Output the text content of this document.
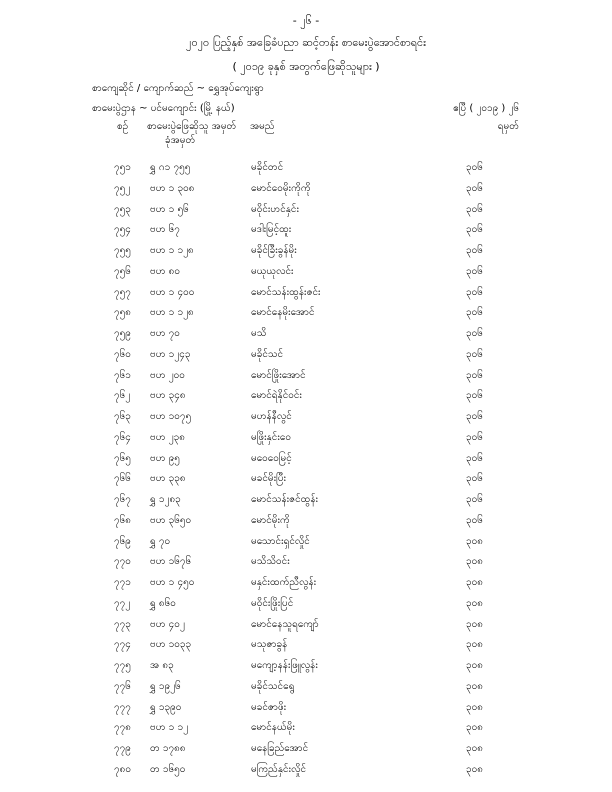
- ၂၆ -
၂၀၂၀ ပြည့်နှစ် အခြေခံပညာ ဆင့်တန်း စာမေးပွဲအောင်စာရင်း
( ၂၀၁၉ ခုနှစ် အတွက်ဖြေဆိုသူများ )
စာကျေဆိုင် / ကျောက်ဆည် ~ ရွှေအုပ်ကျေးရွာ
စာမေးပွဲဌာန ~ ပင်မကျောင်း (မြို့ နယ်)	ဧပြီ ( ၂၀၁၉ ) ၂၆
စဉ် စာမေးပွဲဖြေဆိုသူ အမှတ်
ခုံအမှတ်
အမည်	ရမှတ်
၇၅၁ ရွှ ဂ၁ ၇၅၅	မခိုင်တင်	၃၀၆
၇၅၂ ဗဟ ၁ ၃၀၈	မောင်ဝေမိုးကိုကို	၃၀၆
၇၅၃ ဗဟ ၁ ၅၆	မဝိုင်းဟင်နှင်း	၃၀၆
၇၅၄ ဗဟ ၆၇	မဒါးမြင့်ထူး	၃၀၆
၇၅၅ ဗဟ ၁ ၁၂၈	မခိုင်ခြီးခွန်မိုး	၃၀၆
၇၅၆ ဗဟ ၈၀	မယုယုလင်း	၃၀၆
၇၅၇ ဗဟ ၁ ၄၀၀	မောင်သန်းထွန်းဇင်း	၃၀၆
၇၅၈ ဗဟ ၁ ၁၂၈	မောင်နေမိုးအောင်	၃၀၆
၇၅၉ ဗဟ ၇၀	မသိ	၃၀၆
၇၆၀ ဗဟ ၁၂၄၃	မခိုင်သင်	၃၀၆
၇၆၁ ဗဟ ၂၀၀	မောင်ဖြိုးအောင်	၃၀၆
၇၆၂ ဗဟ ၃၄၈	မောင်ရဲနိုင်ဝင်း	၃၀၆
၇၆၃ ဗဟ ၁၀၇၅	မဟန်နီလွင်	၃၀၆
၇၆၄ ဗဟ ၂၃၈	မဖြိုးနှင်းဝေ	၃၀၆
၇၆၅ ဗဟ ၉၅	မဝေဝေမြင့်	၃၀၆
၇၆၆ ဗဟ ၃၃၈	မခင်မိုးပြီး	၃၀၆
၇၆၇ ရွှ ၁၂၈၃	မောင်သန်းဇင်ထွန်း	၃၀၆
၇၆၈ ဗဟ ၃၆၅၀	မောင်မိုးကို	၃၀၆
၇၆၉ ရွှ ၇၀	မသောင်းရှင်လှိုင်	၃၀၈
၇၇၀ ဗဟ ၁၆၇၆	မသိသိဝင်း	၃၀၈
၇၇၁ ဗဟ ၁ ၄၅၀	မနှင်းထက်ညီလွန်း	၃၀၈
၇၇၂ ရွှ ၈၆၀	မဝိုင်းဖြိုးပြင်	၃၀၈
၇၇၃ ဗဟ ၄၀၂	မောင်နေသူရကျော်	၃၀၈
၇၇၄ ဗဟ ၁၀၃၃	မသုဇာခွန်	၃၀၈
၇၇၅ အ ၈၃	မကျော့နန်းဖြူလွန်း	၃၀၈
၇၇၆ ရွှ ၁၉၂၆	မခိုင်သင်ရွေ	၃၀၈
၇၇၇ ရွှ ၁၃၉၀	မခင်ဇာဖိုး	၃၀၈
၇၇၈ ဗဟ ၁ ၁၂	မောင်နယ်မိုး	၃၀၈
၇၇၉ တ ၁၇၈၈	မနေခြည်အောင်	၃၀၈
၇၈၀ တ ၁၆၅၀	မကြည်နှင်းလှိုင်	၃၀၈
